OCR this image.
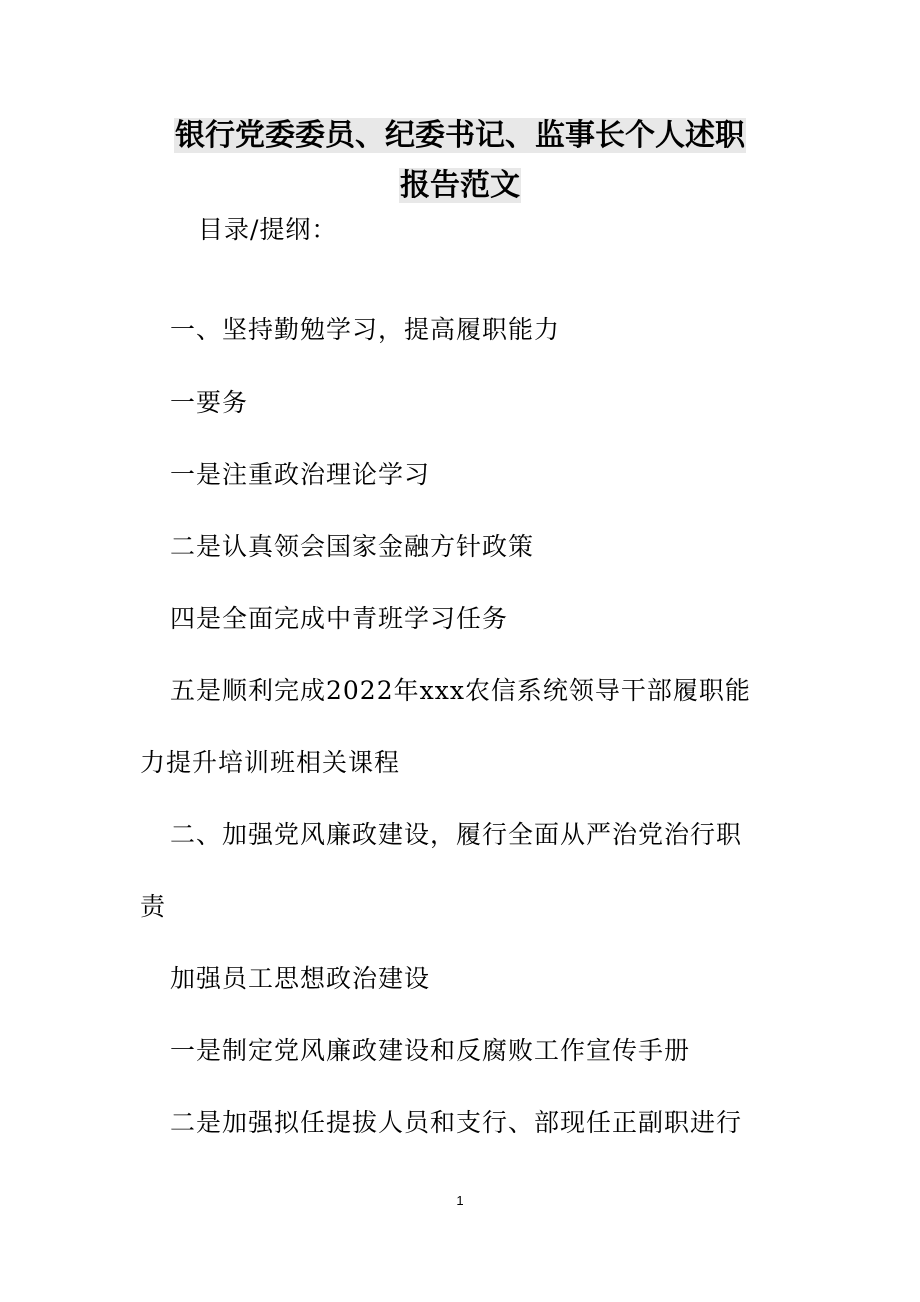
银行党委委员、纪委书记、监事长个人述职
报告范文
目录/提纲：
一、坚持勤勉学习，提高履职能力
一要务
一是注重政治理论学习
二是认真领会国家金融方针政策
四是全面完成中青班学习任务
五是顺利完成2022年xxx农信系统领导干部履职能
力提升培训班相关课程
二、加强党风廉政建设，履行全面从严治党治行职
责
加强员工思想政治建设
一是制定党风廉政建设和反腐败工作宣传手册
二是加强拟任提拔人员和支行、部现任正副职进行
1
